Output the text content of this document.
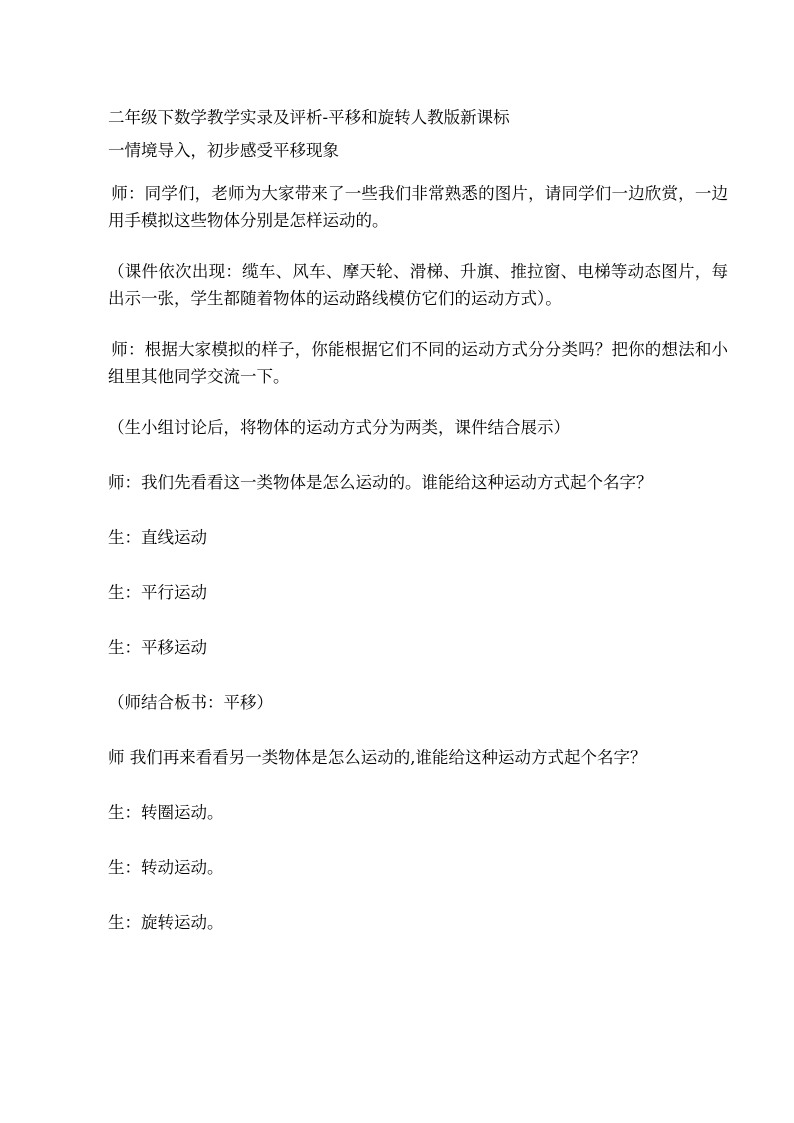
二年级下数学教学实录及评析-平移和旋转人教版新课标
一情境导入，初步感受平移现象
师：同学们，老师为大家带来了一些我们非常熟悉的图片，请同学们一边欣赏，一边用手模拟这些物体分别是怎样运动的。
（课件依次出现：缆车、风车、摩天轮、滑梯、升旗、推拉窗、电梯等动态图片，每出示一张，学生都随着物体的运动路线模仿它们的运动方式）。
师：根据大家模拟的样子，你能根据它们不同的运动方式分分类吗？把你的想法和小组里其他同学交流一下。
（生小组讨论后，将物体的运动方式分为两类，课件结合展示）
师：我们先看看这一类物体是怎么运动的。谁能给这种运动方式起个名字？
生：直线运动
生：平行运动
生：平移运动
（师结合板书：平移）
师 我们再来看看另一类物体是怎么运动的,谁能给这种运动方式起个名字？
生：转圈运动。
生：转动运动。
生：旋转运动。
